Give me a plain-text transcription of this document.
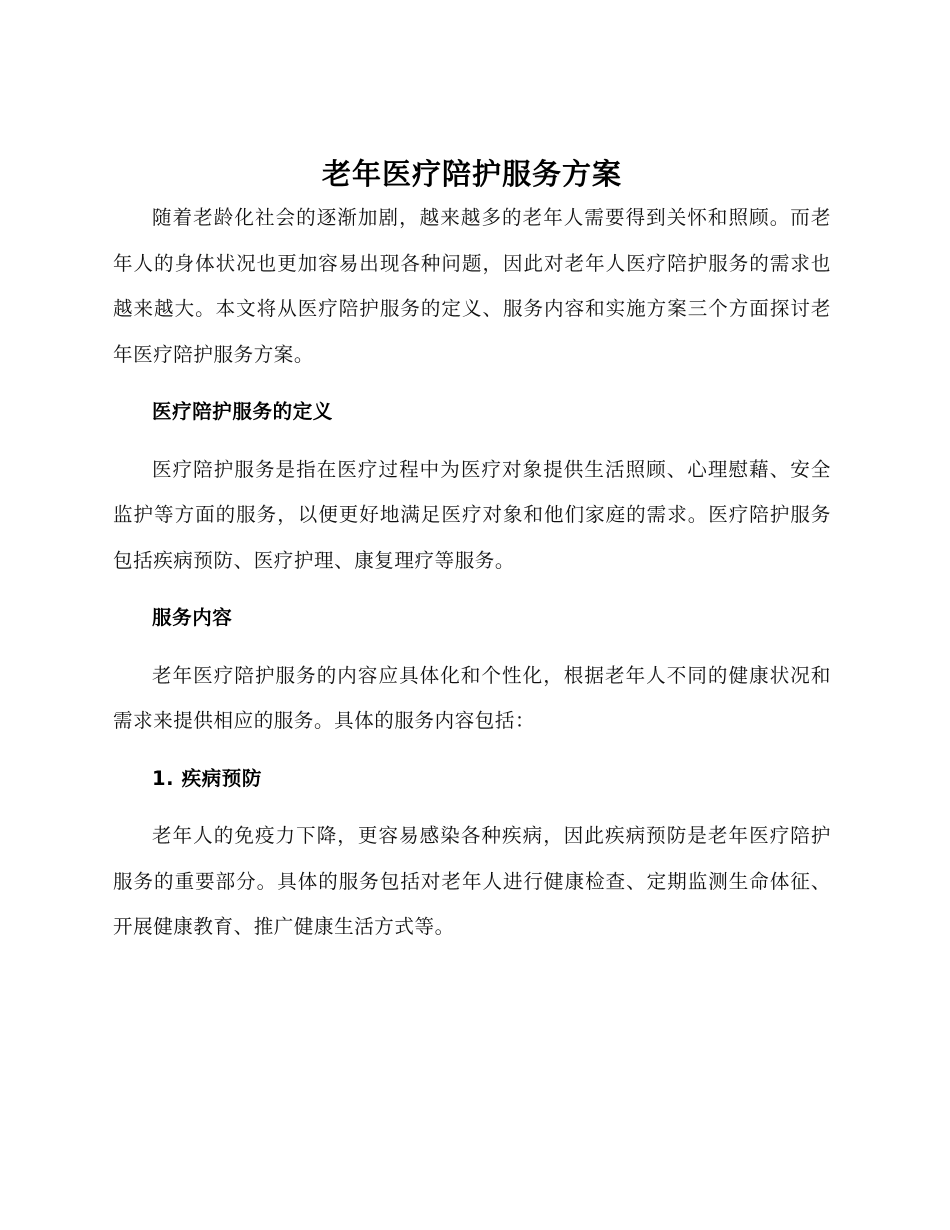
老年医疗陪护服务方案

随着老龄化社会的逐渐加剧，越来越多的老年人需要得到关怀和照顾。而老年人的身体状况也更加容易出现各种问题，因此对老年人医疗陪护服务的需求也越来越大。本文将从医疗陪护服务的定义、服务内容和实施方案三个方面探讨老年医疗陪护服务方案。

医疗陪护服务的定义

医疗陪护服务是指在医疗过程中为医疗对象提供生活照顾、心理慰藉、安全监护等方面的服务，以便更好地满足医疗对象和他们家庭的需求。医疗陪护服务包括疾病预防、医疗护理、康复理疗等服务。

服务内容

老年医疗陪护服务的内容应具体化和个性化，根据老年人不同的健康状况和需求来提供相应的服务。具体的服务内容包括：

1. 疾病预防

老年人的免疫力下降，更容易感染各种疾病，因此疾病预防是老年医疗陪护服务的重要部分。具体的服务包括对老年人进行健康检查、定期监测生命体征、开展健康教育、推广健康生活方式等。
